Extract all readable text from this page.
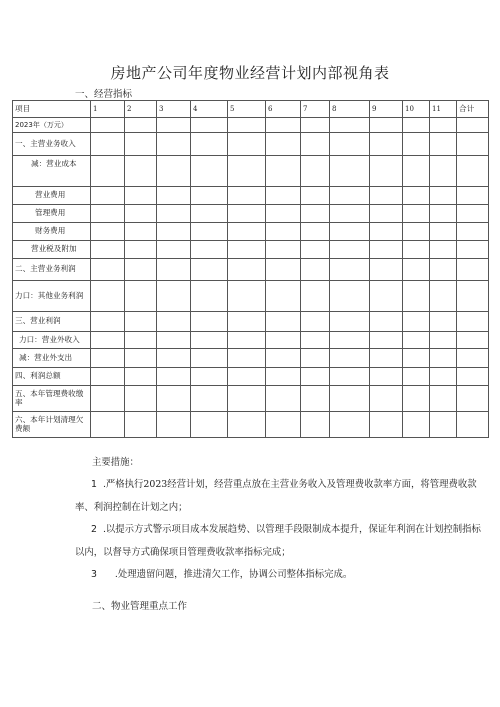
房地产公司年度物业经营计划内部视角表
一、经营指标
项目	1	2	3	4	5	6	7	8	9	10	11	合计
2023年（万元）												
一、主营业务收入												
减：营业成本												
营业费用												
管理费用												
财务费用												
营业税及附加												
二、主营业务利润												
力口：其他业务利润												
三、营业利润												
力口：营业外收入												
减：营业外支出												
四、利润总额												
五、本年管理费收缴率												
六、本年计划清理欠费额												
主要措施：
1 .严格执行2023经营计划，经营重点放在主营业务收入及管理费收款率方面，将管理费收款率、利润控制在计划之内；
2 .以提示方式警示项目成本发展趋势、以管理手段限制成本提升，保证年利润在计划控制指标以内，以督导方式确保项目管理费收款率指标完成；
3 .处理遗留问题，推进清欠工作，协调公司整体指标完成。
二、物业管理重点工作
